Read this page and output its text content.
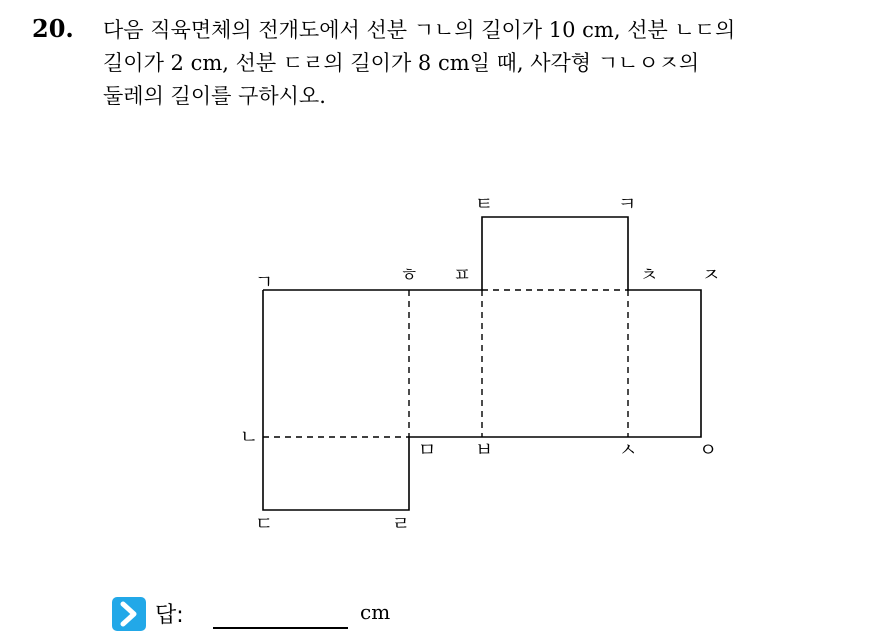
20. 다음 직육면체의 전개도에서 선분 ㄱㄴ의 길이가 10 cm, 선분 ㄴㄷ의
길이가 2 cm, 선분 ㄷㄹ의 길이가 8 cm일 때, 사각형 ㄱㄴㅇㅈ의
둘레의 길이를 구하시오.

ㄱ	ㅎ ㅍ
ㅌ	ㅋ
ㅊ ㅈ
ㄴ
ㅁ ㅂ	ㅅ	ㅇ
ㄷ	ㄹ
답:	cm
